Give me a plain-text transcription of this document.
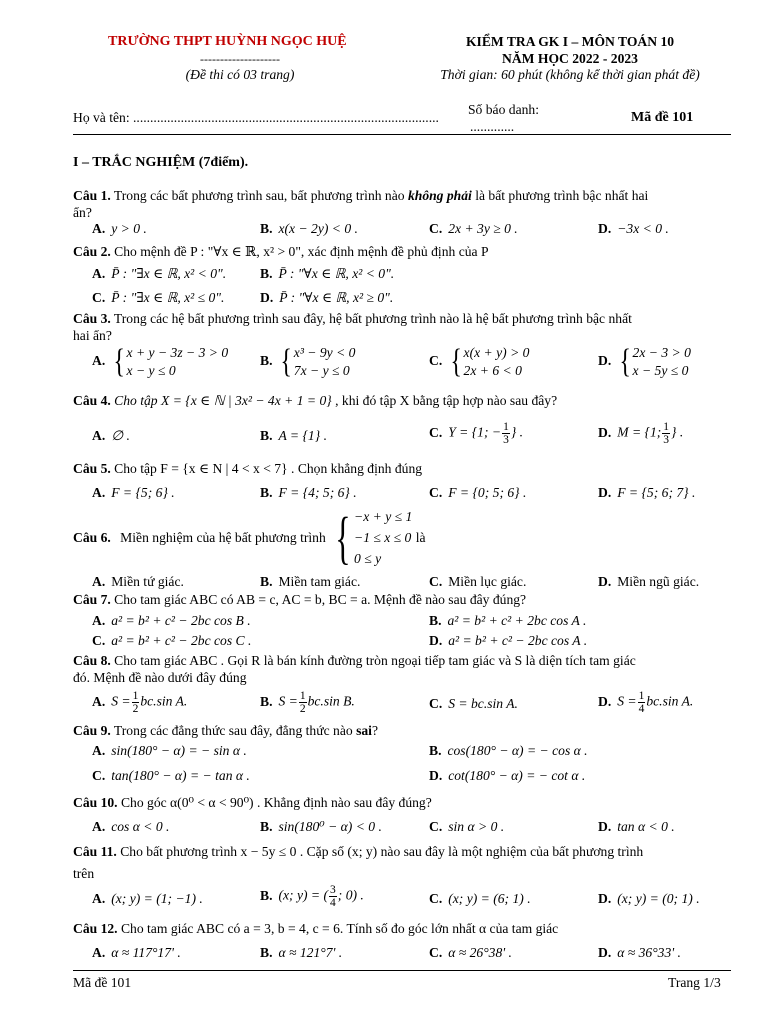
TRƯỜNG THPT HUỲNH NGỌC HUỆ
--------------------
(Đề thi có 03 trang)
KIỂM TRA GK I – MÔN TOÁN 10
NĂM HỌC 2022 - 2023
Thời gian: 60 phút (không kể thời gian phát đề)
Họ và tên: ..........................................................................................
Số báo danh:
.............
Mã đề 101
I – TRẮC NGHIỆM (7điểm).
Câu 1. Trong các bất phương trình sau, bất phương trình nào không phải là bất phương trình bậc nhất hai
ẩn?
A. y > 0 .	B. x(x − 2y) < 0 .	C. 2x + 3y ≥ 0 .	D. −3x < 0 .
Câu 2. Cho mệnh đề P : "∀x ∈ ℝ, x² > 0", xác định mệnh đề phủ định của P
A. P̄ : "∃x ∈ ℝ, x² < 0". B. P̄ : "∀x ∈ ℝ, x² < 0".
C. P̄ : "∃x ∈ ℝ, x² ≤ 0".	D. P̄ : "∀x ∈ ℝ, x² ≥ 0".
Câu 3. Trong các hệ bất phương trình sau đây, hệ bất phương trình nào là hệ bất phương trình bậc nhất
hai ẩn?
A. {x + y − 3z − 3 > 0
x − y ≤ 0
B. {x³ − 9y < 0
7x − y ≤ 0
C. {x(x + y) > 0
2x + 6 < 0
D. {2x − 3 > 0
x − 5y ≤ 0
Câu 4. Cho tập X = {x ∈ ℕ | 3x² − 4x + 1 = 0} , khi đó tập X bằng tập hợp nào sau đây?
A. ∅ .	B. A = {1} .	C. Y = {1; − $\frac{1}{3}$ } .	D. M = {1; $\frac{1}{3}$ } .
Câu 5. Cho tập F = {x ∈ N | 4 < x < 7} . Chọn khẳng định đúng
A. F = {5; 6} .	B. F = {4; 5; 6} .	C. F = {0; 5; 6} .	D. F = {5; 6; 7} .
Câu 6. Miền nghiệm của hệ bất phương trình { −x + y ≤ 1
−1 ≤ x ≤ 0
0 ≤ y là
A. Miền tứ giác.	B. Miền tam giác.	C. Miền lục giác.	D. Miền ngũ giác.
Câu 7. Cho tam giác ABC có AB = c, AC = b, BC = a. Mệnh đề nào sau đây đúng?
A. a² = b² + c² − 2bc cos B .	B. a² = b² + c² + 2bc cos A .
C. a² = b² + c² − 2bc cos C .	D. a² = b² + c² − 2bc cos A .
Câu 8. Cho tam giác ABC . Gọi R là bán kính đường tròn ngoại tiếp tam giác và S là diện tích tam giác
đó. Mệnh đề nào dưới đây đúng
A. $S = \frac{1}{2} bc.\sin$ A.	B. $S = \frac{1}{2} bc.\sin$ B.	C. S = bc.sin A.	D. $S = \frac{1}{4} bc.\sin$ A.
Câu 9. Trong các đẳng thức sau đây, đẳng thức nào sai?
A. sin(180° − α) = − sin α .	B. cos(180° − α) = − cos α .
C. tan(180° − α) = − tan α .	D. cot(180° − α) = − cot α .
Câu 10. Cho góc α(0⁰ < α < 90⁰) . Khẳng định nào sau đây đúng?
A. cos α < 0 .	B. sin(180⁰ − α) < 0 .	C. sin α > 0 .	D. tan α < 0 .
Câu 11. Cho bất phương trình x − 5y ≤ 0 . Cặp số (x; y) nào sau đây là một nghiệm của bất phương trình
trên
A. (x; y) = (1; −1) .	B. (x; y) = ( $\frac{3}{4}$ ; 0) .	C. (x; y) = (6; 1) .	D. (x; y) = (0; 1) .
Câu 12. Cho tam giác ABC có a = 3, b = 4, c = 6. Tính số đo góc lớn nhất α của tam giác
A. α ≈ 117°17' .	B. α ≈ 121°7' .	C. α ≈ 26°38' .	D. α ≈ 36°33' .
Mã đề 101	Trang 1/3
